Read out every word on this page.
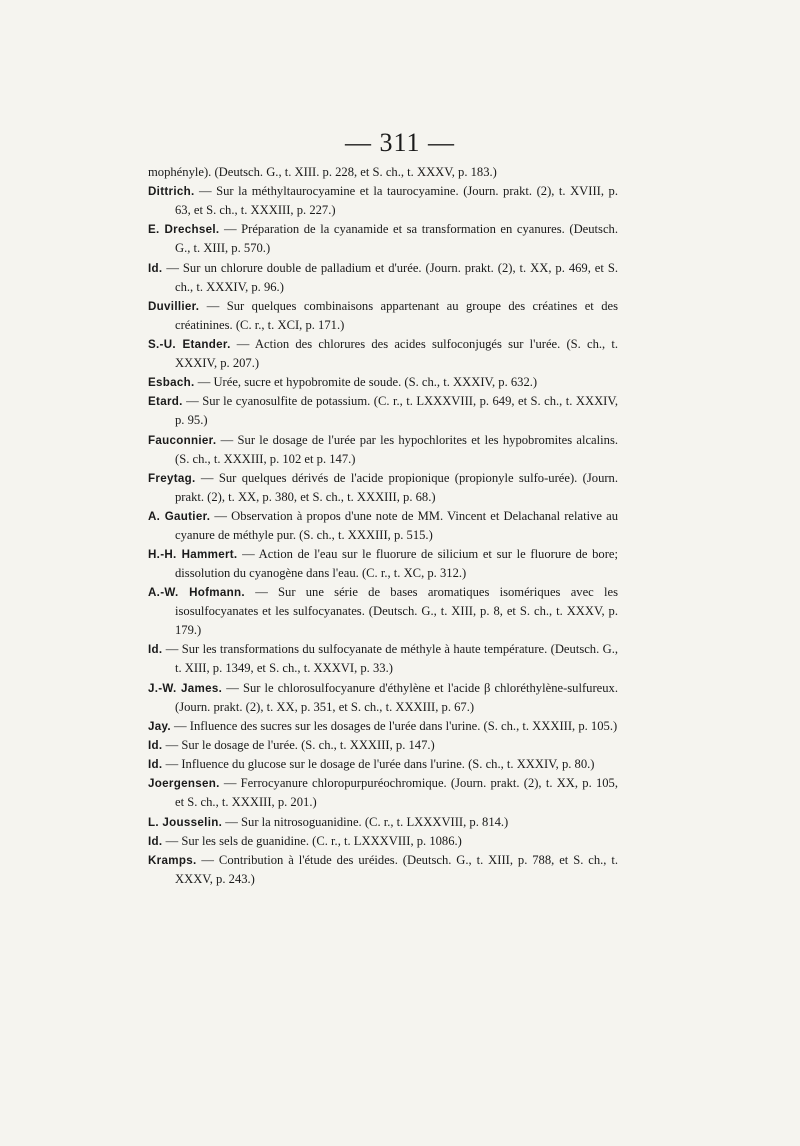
— 311 —

mophényle). (Deutsch. G., t. XIII. p. 228, et S. ch., t. XXXV, p. 183.)

Dittrich. — Sur la méthyltaurocyamine et la taurocyamine. (Journ. prakt. (2), t. XVIII, p. 63, et S. ch., t. XXXIII, p. 227.)

E. Drechsel. — Préparation de la cyanamide et sa transformation en cyanures. (Deutsch. G., t. XIII, p. 570.)

Id. — Sur un chlorure double de palladium et d'urée. (Journ. prakt. (2), t. XX, p. 469, et S. ch., t. XXXIV, p. 96.)

Duvillier. — Sur quelques combinaisons appartenant au groupe des créatines et des créatinines. (C. r., t. XCI, p. 171.)

S.-U. Etander. — Action des chlorures des acides sulfoconjugés sur l'urée. (S. ch., t. XXXIV, p. 207.)

Esbach. — Urée, sucre et hypobromite de soude. (S. ch., t. XXXIV, p. 632.)

Etard. — Sur le cyanosulfite de potassium. (C. r., t. LXXXVIII, p. 649, et S. ch., t. XXXIV, p. 95.)

Fauconnier. — Sur le dosage de l'urée par les hypochlorites et les hypobromites alcalins. (S. ch., t. XXXIII, p. 102 et p. 147.)

Freytag. — Sur quelques dérivés de l'acide propionique (propionyle sulfo-urée). (Journ. prakt. (2), t. XX, p. 380, et S. ch., t. XXXIII, p. 68.)

A. Gautier. — Observation à propos d'une note de MM. Vincent et Delachanal relative au cyanure de méthyle pur. (S. ch., t. XXXIII, p. 515.)

H.-H. Hammert. — Action de l'eau sur le fluorure de silicium et sur le fluorure de bore; dissolution du cyanogène dans l'eau. (C. r., t. XC, p. 312.)

A.-W. Hofmann. — Sur une série de bases aromatiques isomériques avec les isosulfocyanates et les sulfocyanates. (Deutsch. G., t. XIII, p. 8, et S. ch., t. XXXV, p. 179.)

Id. — Sur les transformations du sulfocyanate de méthyle à haute température. (Deutsch. G., t. XIII, p. 1349, et S. ch., t. XXXVI, p. 33.)

J.-W. James. — Sur le chlorosulfocyanure d'éthylène et l'acide β chloréthylène-sulfureux. (Journ. prakt. (2), t. XX, p. 351, et S. ch., t. XXXIII, p. 67.)

Jay. — Influence des sucres sur les dosages de l'urée dans l'urine. (S. ch., t. XXXIII, p. 105.)

Id. — Sur le dosage de l'urée. (S. ch., t. XXXIII, p. 147.)

Id. — Influence du glucose sur le dosage de l'urée dans l'urine. (S. ch., t. XXXIV, p. 80.)

Joergensen. — Ferrocyanure chloropurpuréochromique. (Journ. prakt. (2), t. XX, p. 105, et S. ch., t. XXXIII, p. 201.)

L. Jousselin. — Sur la nitrosoguanidine. (C. r., t. LXXXVIII, p. 814.)

Id. — Sur les sels de guanidine. (C. r., t. LXXXVIII, p. 1086.)

Kramps. — Contribution à l'étude des uréides. (Deutsch. G., t. XIII, p. 788, et S. ch., t. XXXV, p. 243.)
